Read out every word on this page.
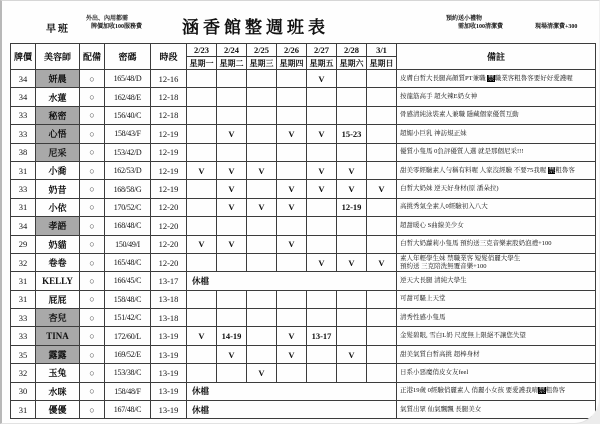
早班
外出、內用都需
牌價加收100服務費 涵香館整週班表	預約送小禮物
需加收100清潔費	現場清潔費+300
牌價	美容師	配備	密碼	時段	2/23	2/24	2/25	2/26	2/27	2/28	3/1	備註
					星期一	星期二	星期三	星期四	星期五	星期六	星期日	
34	妍晨	○	165/48/D	12-16					V			皮膚白皙大長腿高顏質PT兼職 禁職業客粗魯客要好好愛護喔

34	水蓮	○	162/48/E	12-18								按龍筋高手 超火辣E奶女神

33	秘密	○	156/40/C	12-18								骨感清純泳裝素人兼職 隱藏個家優質互動

33	心悟	○	158/43/F	12-19		V		V	V	15-23		超媚小巨乳 神訪規正妹

38	尼采	○	153/42/D	12-19								優質小隻馬 0負評優質人選 就是那個尼采!!!

31	小喬	○	162/53/D	12-19	V	V	V		V	V		甜美零經驗素人勻稱有料喔 人家沒經驗 不要75我喔 禁粗魯客

33	奶昔	○	168/58/G	12-19		V		V	V	V	V	白皙大奶妹 逆天好身材(原 潘朵拉)

31	小依	○	170/52/C	12-20		V	V	V		12-19		高挑秀氣全素人0經驗初入八大

34	孝語	○	168/48/C	12-20								超甜暖心 S曲線美少女

29	奶貓	○	150/49/I	12-20	V	V		V				白皙大奶蘿莉小隻馬 預約送三克音樂素股奶泡禮+100

32	卷卷	○	165/48/C	12-20					V	V	V	素人年輕學生妹 禁職業客 短髮俏麗大學生
預約送 三克陪洗無覆音樂+100

31	KELLY	○	166/45/C	13-17	休檔							逆天大長腿 清純大學生

31	屁屁	○	158/48/C	13-18								可甜可騷上天堂

33	杏兒	○	151/42/C	13-18								清秀性感小隻馬

33	TINA	○	172/60/L	13-19	V	14-19		V	13-17			金髮碧眼, 雪白L奶 尺度無上限絕不讓您失望

35	露露	○	169/52/E	13-19		V		V		V		甜美氣質白皙高挑 超棒身材

32	玉兔	○	153/38/C	13-19			V					日系小惡魔俏皮女友feel

30	水咪	○	158/48/F	13-19	休檔							正港19歲 0經驗俏麗素人 俏麗小女孩 要愛護我唷禁粗魯客

31	優優	○	167/48/C	13-19	休檔							氣質出眾 仙氣飄飄 長腿美女
